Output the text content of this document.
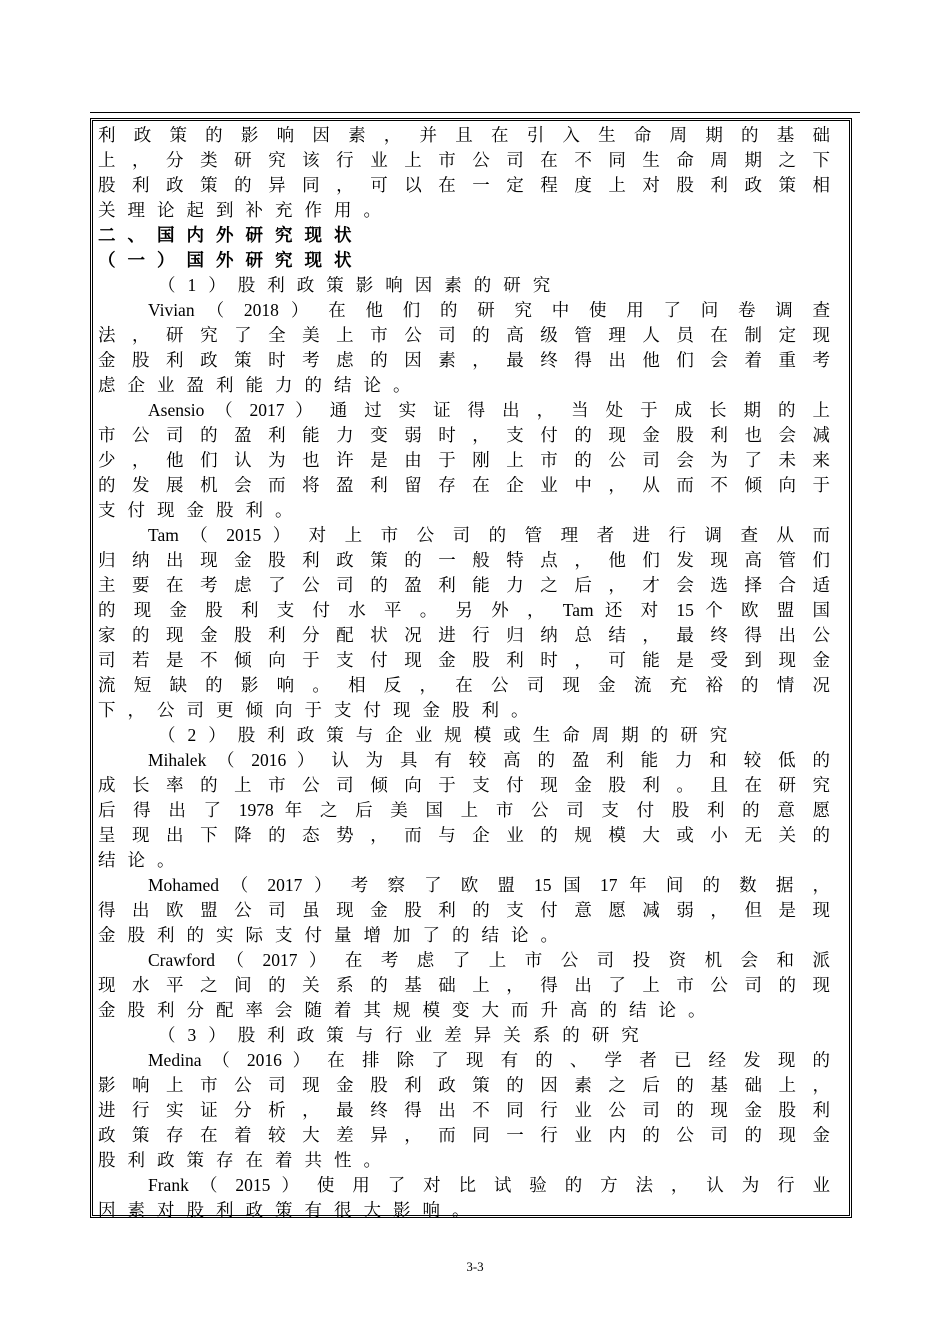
利 政 策 的 影 响 因 素 ， 并 且 在 引 入 生 命 周 期 的 基 础
上 ， 分 类 研 究 该 行 业 上 市 公 司 在 不 同 生 命 周 期 之 下
股 利 政 策 的 异 同 ， 可 以 在 一 定 程 度 上 对 股 利 政 策 相
关理论起到补充作用。
二、国内外研究现状
（一）国外研究现状
（1）股利政策影响因素的研究
Vivian （ 2018 ） 在 他 们 的 研 究 中 使 用 了 问 卷 调 查
法 ， 研 究 了 全 美 上 市 公 司 的 高 级 管 理 人 员 在 制 定 现
金 股 利 政 策 时 考 虑 的 因 素 ， 最 终 得 出 他 们 会 着 重 考
虑企业盈利能力的结论。
Asensio （ 2017 ） 通 过 实 证 得 出 ， 当 处 于 成 长 期 的 上
市 公 司 的 盈 利 能 力 变 弱 时 ， 支 付 的 现 金 股 利 也 会 减
少 ， 他 们 认 为 也 许 是 由 于 刚 上 市 的 公 司 会 为 了 未 来
的 发 展 机 会 而 将 盈 利 留 存 在 企 业 中 ， 从 而 不 倾 向 于
支付现金股利。
Tam （ 2015 ） 对 上 市 公 司 的 管 理 者 进 行 调 查 从 而
归 纳 出 现 金 股 利 政 策 的 一 般 特 点 ， 他 们 发 现 高 管 们
主 要 在 考 虑 了 公 司 的 盈 利 能 力 之 后 ， 才 会 选 择 合 适
的 现 金 股 利 支 付 水 平 。 另 外 ， Tam 还 对 15 个 欧 盟 国
家 的 现 金 股 利 分 配 状 况 进 行 归 纳 总 结 ， 最 终 得 出 公
司 若 是 不 倾 向 于 支 付 现 金 股 利 时 ， 可 能 是 受 到 现 金
流 短 缺 的 影 响 。 相 反 ， 在 公 司 现 金 流 充 裕 的 情 况
下，公司更倾向于支付现金股利。
（2）股利政策与企业规模或生命周期的研究
Mihalek （ 2016 ） 认 为 具 有 较 高 的 盈 利 能 力 和 较 低 的
成 长 率 的 上 市 公 司 倾 向 于 支 付 现 金 股 利 。 且 在 研 究
后 得 出 了 1978 年 之 后 美 国 上 市 公 司 支 付 股 利 的 意 愿
呈 现 出 下 降 的 态 势 ， 而 与 企 业 的 规 模 大 或 小 无 关 的
结论。
Mohamed （ 2017 ） 考 察 了 欧 盟 15 国 17 年 间 的 数 据 ，
得 出 欧 盟 公 司 虽 现 金 股 利 的 支 付 意 愿 减 弱 ， 但 是 现
金股利的实际支付量增加了的结论。
Crawford （ 2017 ） 在 考 虑 了 上 市 公 司 投 资 机 会 和 派
现 水 平 之 间 的 关 系 的 基 础 上 ， 得 出 了 上 市 公 司 的 现
金股利分配率会随着其规模变大而升高的结论。
（3）股利政策与行业差异关系的研究
Medina （ 2016 ） 在 排 除 了 现 有 的 、 学 者 已 经 发 现 的
影 响 上 市 公 司 现 金 股 利 政 策 的 因 素 之 后 的 基 础 上 ，
进 行 实 证 分 析 ， 最 终 得 出 不 同 行 业 公 司 的 现 金 股 利
政 策 存 在 着 较 大 差 异 ， 而 同 一 行 业 内 的 公 司 的 现 金
股利政策存在着共性。
Frank （ 2015 ） 使 用 了 对 比 试 验 的 方 法 ， 认 为 行 业
因素对股利政策有很大影响。
3-3
